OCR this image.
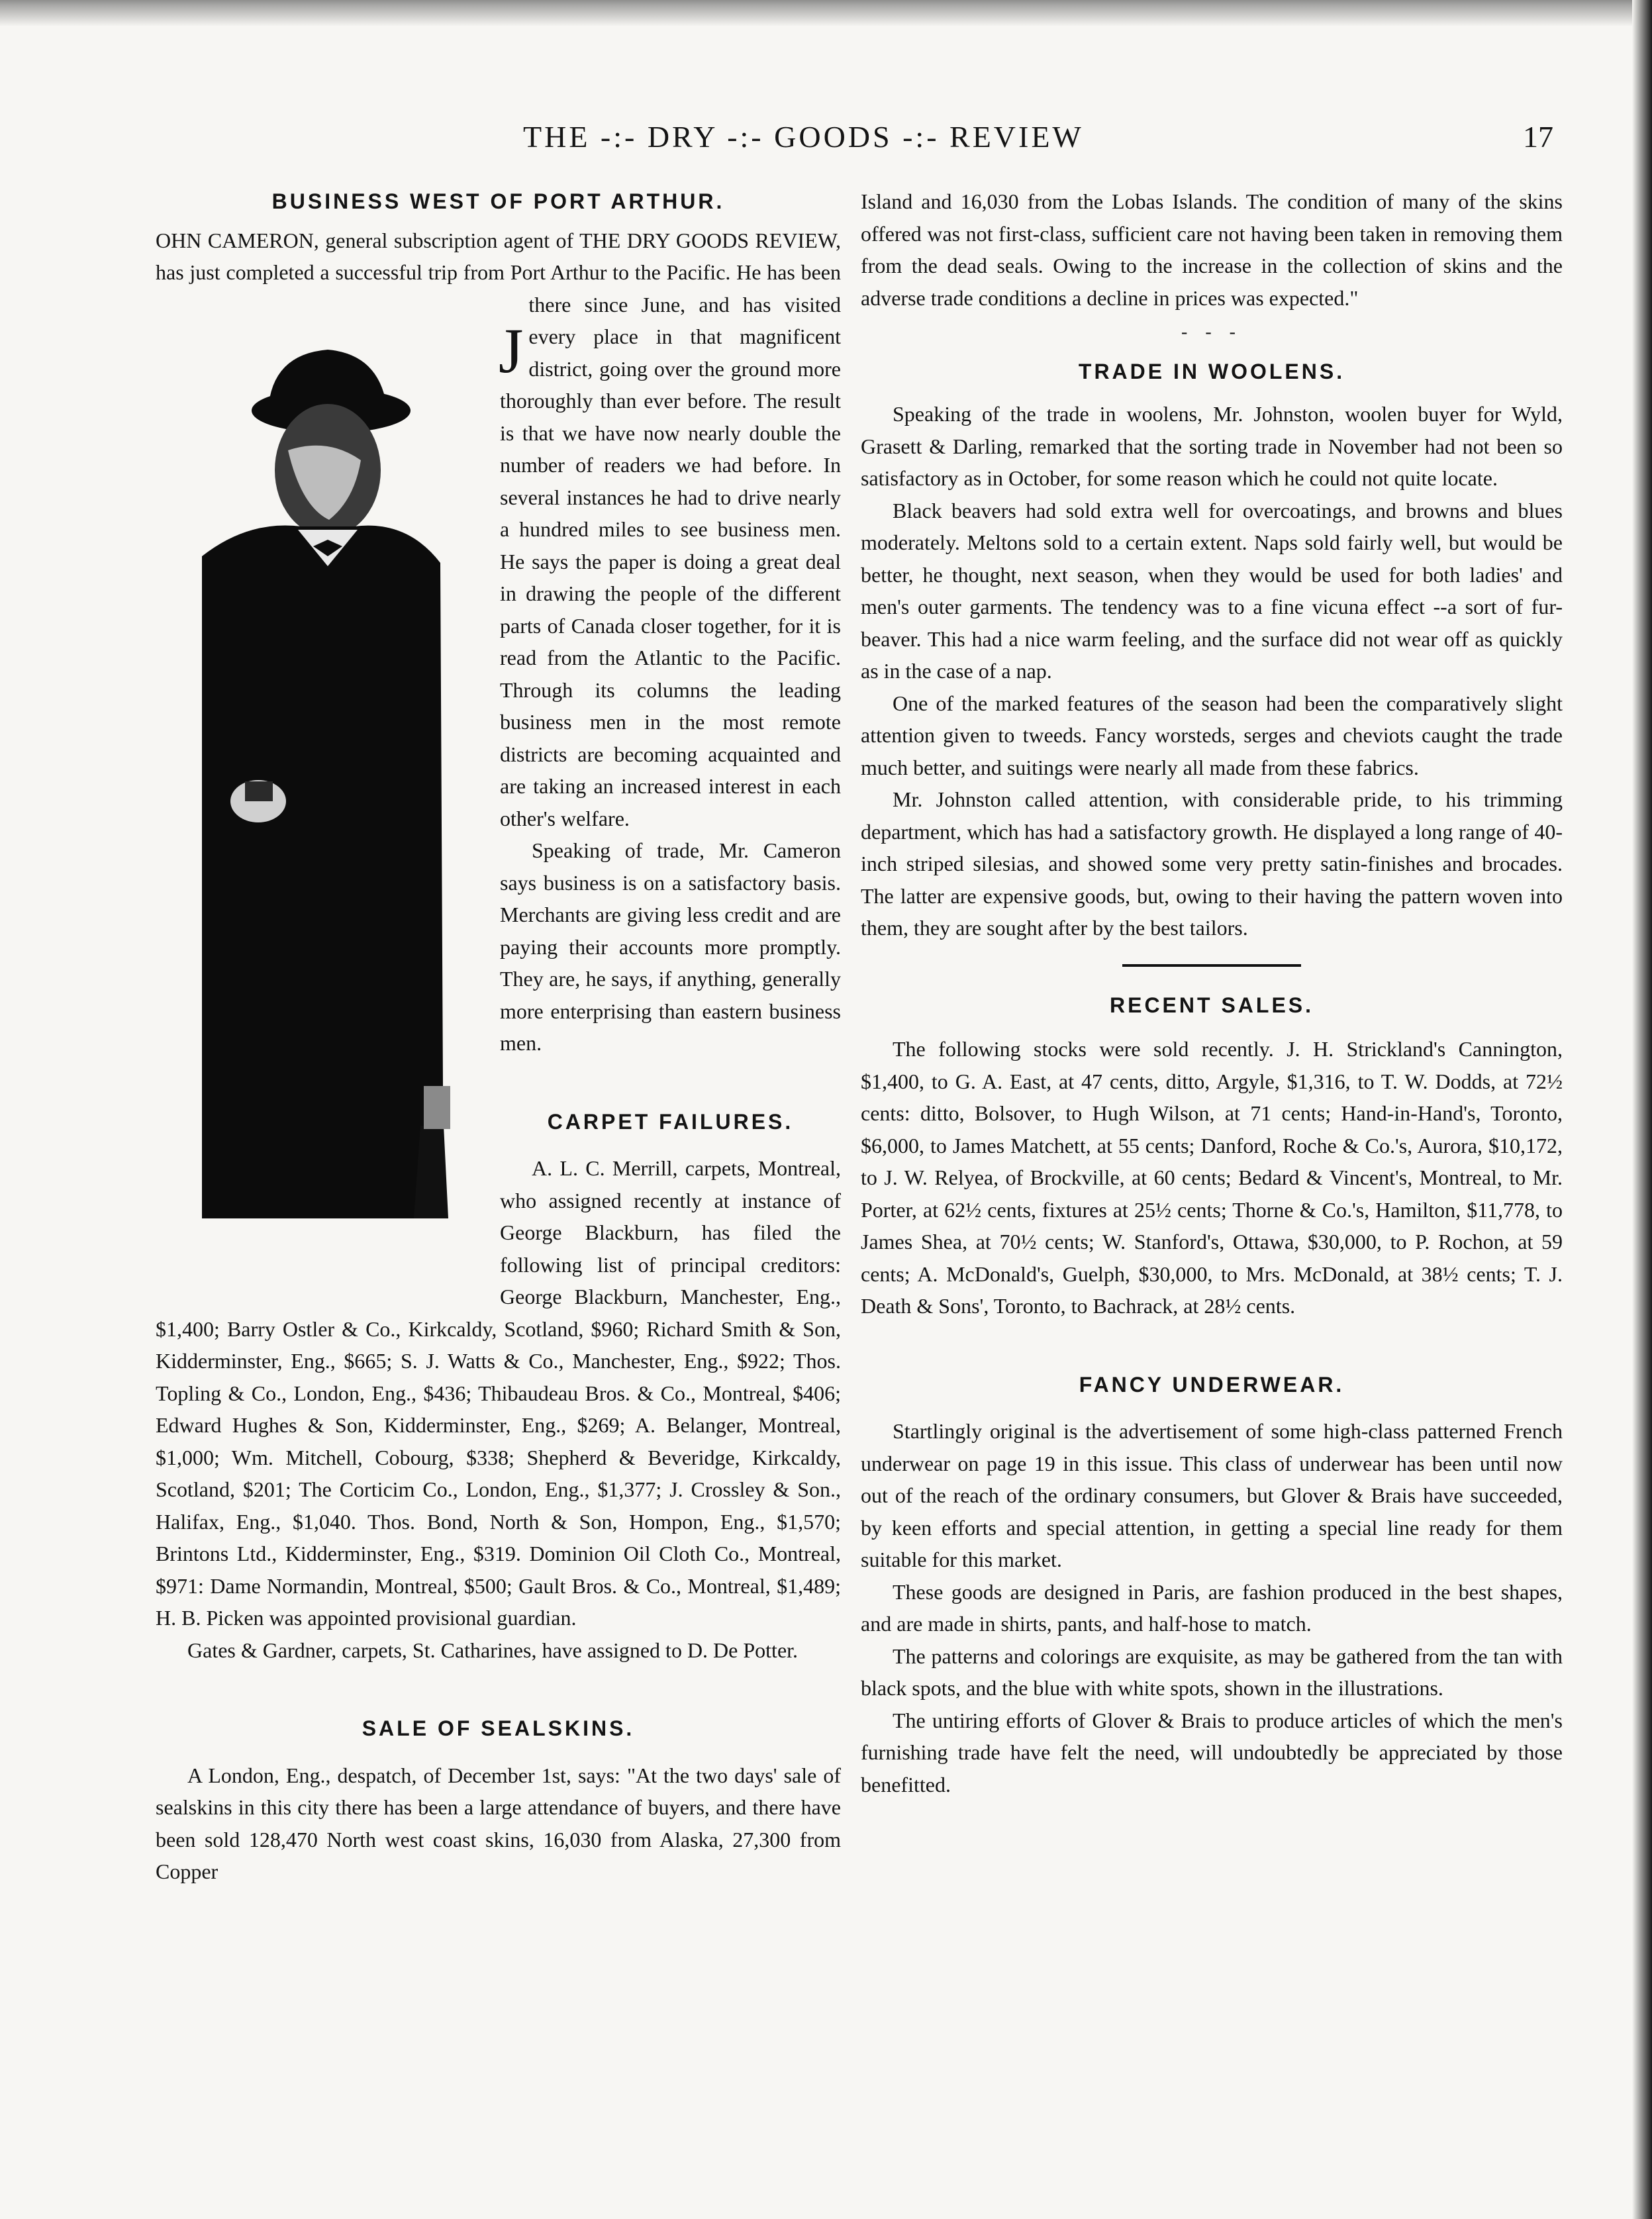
THE -:- DRY -:- GOODS -:- REVIEW	17
BUSINESS WEST OF PORT ARTHUR.

J
OHN CAMERON, general subscription agent of THE DRY GOODS REVIEW, has just completed a successful trip from Port Arthur to the Pacific. He has been there since June, and has visited every place in that magnificent district, going over the ground more thoroughly than ever before. The result is that we have now nearly double the number of readers we had before. In several instances he had to drive nearly a hundred miles to see business men. He says the paper is doing a great deal in drawing the people of the different parts of Canada closer together, for it is read from the Atlantic to the Pacific. Through its columns the leading business men in the most remote districts are becoming acquainted and are taking an increased interest in each other's welfare.

Speaking of trade, Mr. Cameron says business is on a satisfactory basis. Merchants are giving less credit and are paying their accounts more promptly. They are, he says, if anything, generally more enterprising than eastern business men.

CARPET FAILURES.

A. L. C. Merrill, carpets, Montreal, who assigned recently at instance of George Blackburn, has filed the following list of principal creditors: George Blackburn, Manchester, Eng., $1,400; Barry Ostler & Co., Kirkcaldy, Scotland, $960; Richard Smith & Son, Kidderminster, Eng., $665; S. J. Watts & Co., Manchester, Eng., $922; Thos. Topling & Co., London, Eng., $436; Thibaudeau Bros. & Co., Montreal, $406; Edward Hughes & Son, Kidderminster, Eng., $269; A. Belanger, Montreal, $1,000; Wm. Mitchell, Cobourg, $338; Shepherd & Beveridge, Kirkcaldy, Scotland, $201; The Corticim Co., London, Eng., $1,377; J. Crossley & Son., Halifax, Eng., $1,040. Thos. Bond, North & Son, Hompon, Eng., $1,570; Brintons Ltd., Kidderminster, Eng., $319. Dominion Oil Cloth Co., Montreal, $971: Dame Normandin, Montreal, $500; Gault Bros. & Co., Montreal, $1,489; H. B. Picken was appointed provisional guardian.

Gates & Gardner, carpets, St. Catharines, have assigned to D. De Potter.

SALE OF SEALSKINS.

A London, Eng., despatch, of December 1st, says: "At the two days' sale of sealskins in this city there has been a large attendance of buyers, and there have been sold 128,470 North west coast skins, 16,030 from Alaska, 27,300 from Copper

Island and 16,030 from the Lobas Islands. The condition of many of the skins offered was not first-class, sufficient care not having been taken in removing them from the dead seals. Owing to the increase in the collection of skins and the adverse trade conditions a decline in prices was expected."

- - -
TRADE IN WOOLENS.

Speaking of the trade in woolens, Mr. Johnston, woolen buyer for Wyld, Grasett & Darling, remarked that the sorting trade in November had not been so satisfactory as in October, for some reason which he could not quite locate.

Black beavers had sold extra well for overcoatings, and browns and blues moderately. Meltons sold to a certain extent. Naps sold fairly well, but would be better, he thought, next season, when they would be used for both ladies' and men's outer garments. The tendency was to a fine vicuna effect --a sort of fur-beaver. This had a nice warm feeling, and the surface did not wear off as quickly as in the case of a nap.

One of the marked features of the season had been the comparatively slight attention given to tweeds. Fancy worsteds, serges and cheviots caught the trade much better, and suitings were nearly all made from these fabrics.

Mr. Johnston called attention, with considerable pride, to his trimming department, which has had a satisfactory growth. He displayed a long range of 40-inch striped silesias, and showed some very pretty satin-finishes and brocades. The latter are expensive goods, but, owing to their having the pattern woven into them, they are sought after by the best tailors.

RECENT SALES.

The following stocks were sold recently. J. H. Strickland's Cannington, $1,400, to G. A. East, at 47 cents, ditto, Argyle, $1,316, to T. W. Dodds, at 72½ cents: ditto, Bolsover, to Hugh Wilson, at 71 cents; Hand-in-Hand's, Toronto, $6,000, to James Matchett, at 55 cents; Danford, Roche & Co.'s, Aurora, $10,172, to J. W. Relyea, of Brockville, at 60 cents; Bedard & Vincent's, Montreal, to Mr. Porter, at 62½ cents, fixtures at 25½ cents; Thorne & Co.'s, Hamilton, $11,778, to James Shea, at 70½ cents; W. Stanford's, Ottawa, $30,000, to P. Rochon, at 59 cents; A. McDonald's, Guelph, $30,000, to Mrs. McDonald, at 38½ cents; T. J. Death & Sons', Toronto, to Bachrack, at 28½ cents.

FANCY UNDERWEAR.

Startlingly original is the advertisement of some high-class patterned French underwear on page 19 in this issue. This class of underwear has been until now out of the reach of the ordinary consumers, but Glover & Brais have succeeded, by keen efforts and special attention, in getting a special line ready for them suitable for this market.

These goods are designed in Paris, are fashion produced in the best shapes, and are made in shirts, pants, and half-hose to match.

The patterns and colorings are exquisite, as may be gathered from the tan with black spots, and the blue with white spots, shown in the illustrations.

The untiring efforts of Glover & Brais to produce articles of which the men's furnishing trade have felt the need, will undoubtedly be appreciated by those benefitted.
